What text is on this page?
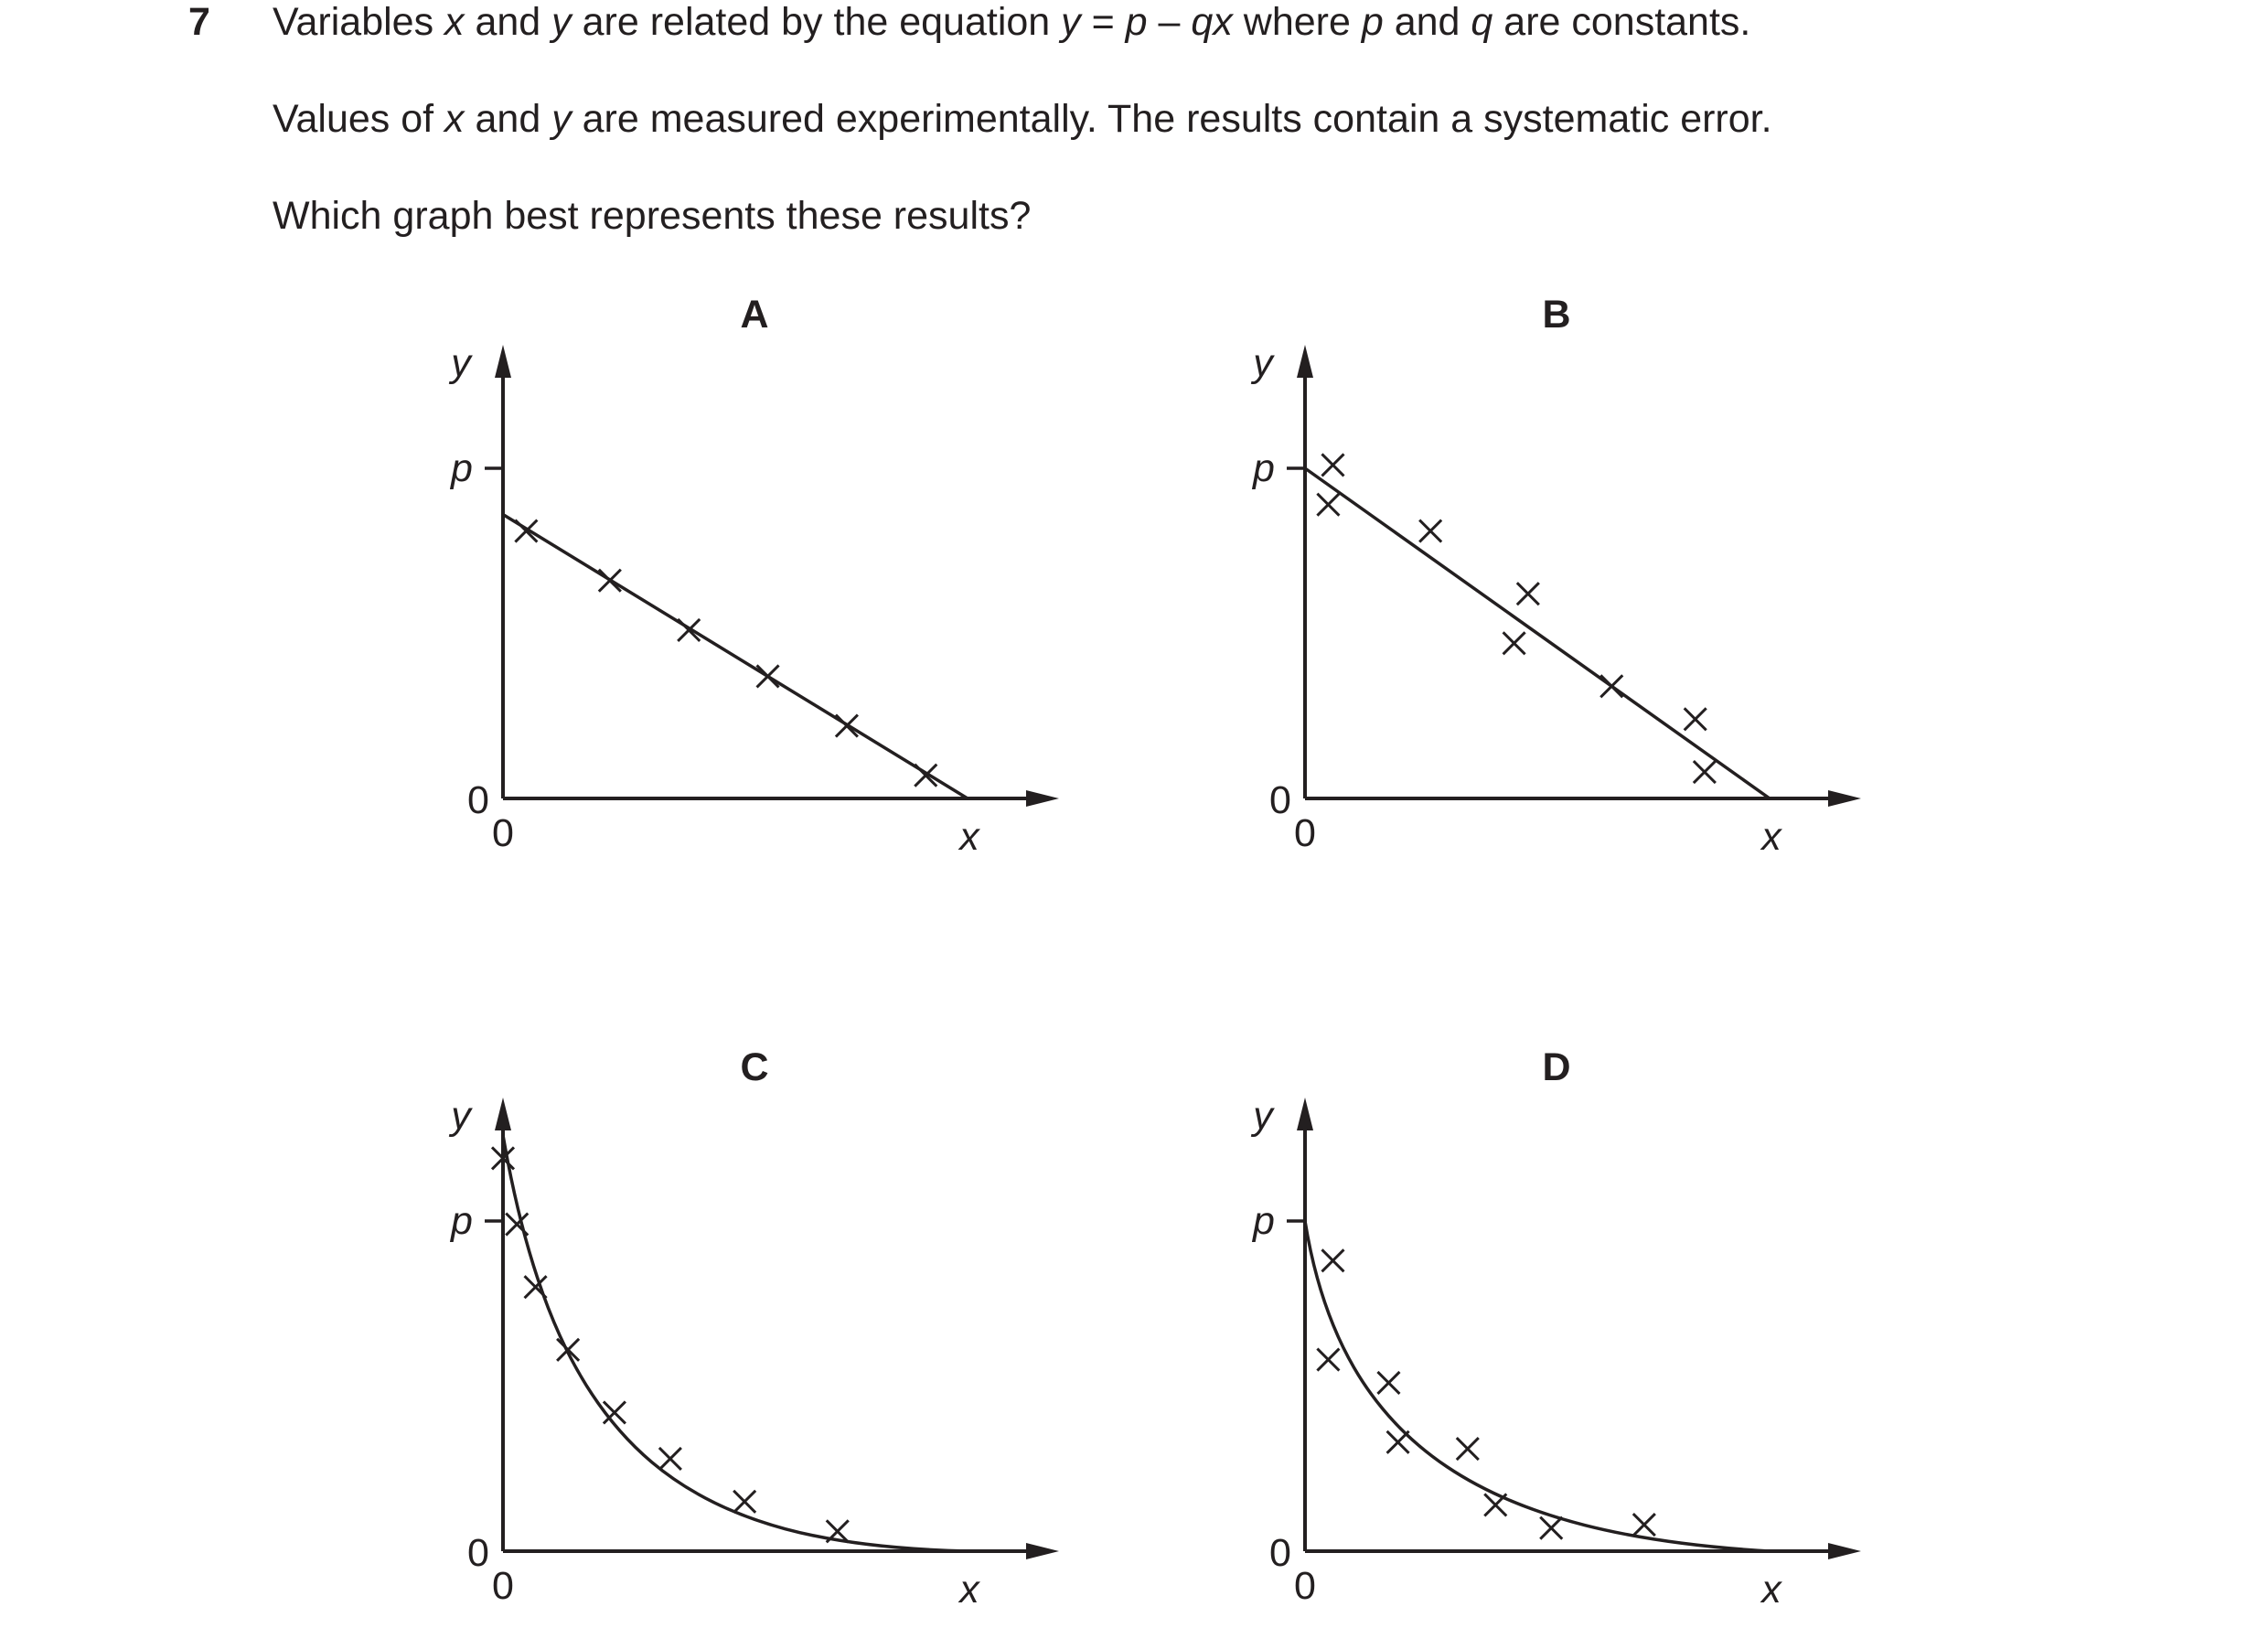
7 Variables x and y are related by the equation y = p – qx where p and q are constants.
Values of x and y are measured experimentally. The results contain a systematic error.
Which graph best represents these results?
A
y
p
0
0	x
B
y
p
0
0	x
C
y
p
0
0	x
D
y
p
0
0	x
